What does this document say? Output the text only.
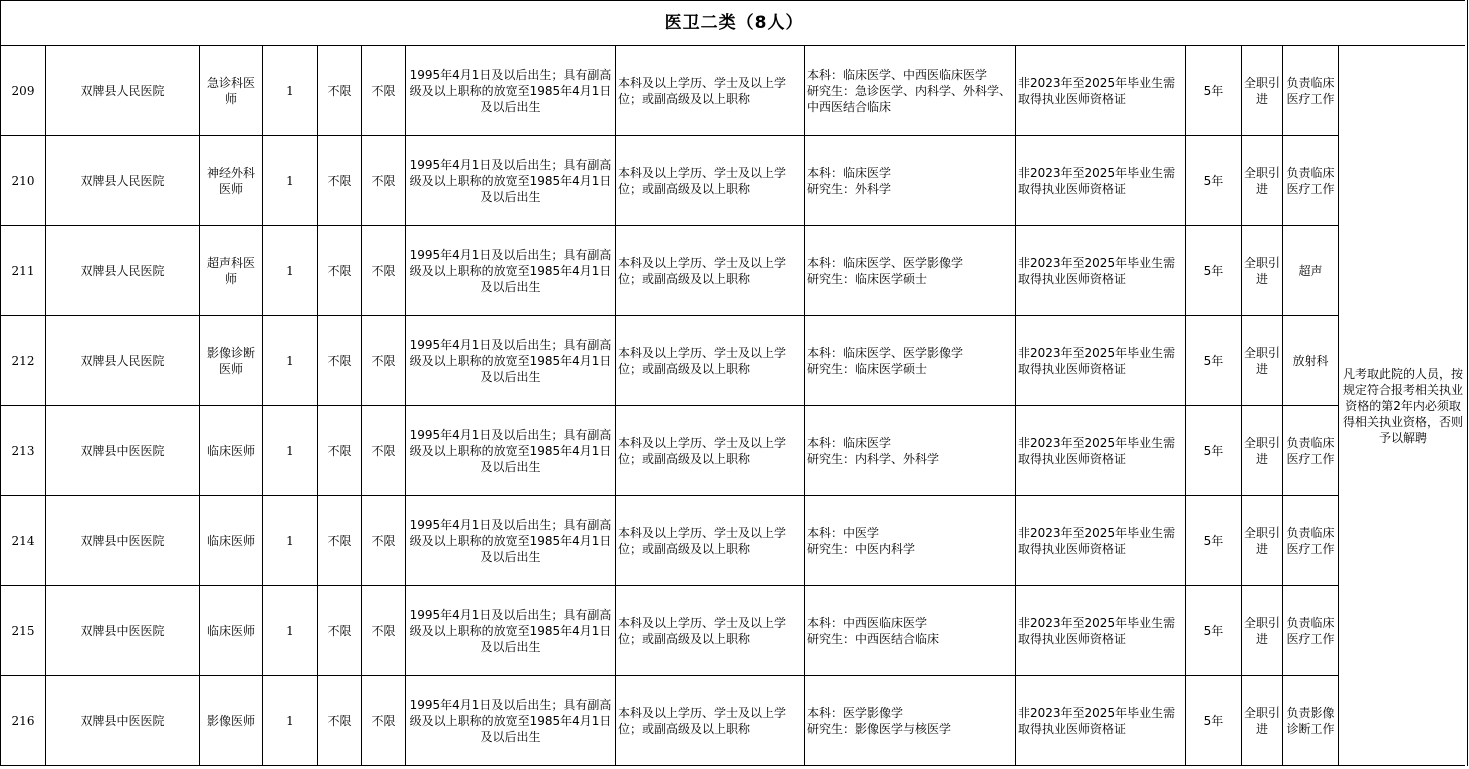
医卫二类（8人）													
209	双牌县人民医院	急诊科医师	1	不限	不限	1995年4月1日及以后出生；具有副高级及以上职称的放宽至1985年4月1日及以后出生	本科及以上学历、学士及以上学位；或副高级及以上职称	本科：临床医学、中西医临床医学
研究生：急诊医学、内科学、外科学、中西医结合临床	非2023年至2025年毕业生需取得执业医师资格证	5年	全职引进	负责临床医疗工作	凡考取此院的人员，按规定符合报考相关执业资格的第2年内必须取得相关执业资格，否则予以解聘
210	双牌县人民医院	神经外科医师	1	不限	不限	1995年4月1日及以后出生；具有副高级及以上职称的放宽至1985年4月1日及以后出生	本科及以上学历、学士及以上学位；或副高级及以上职称	本科：临床医学
研究生：外科学	非2023年至2025年毕业生需取得执业医师资格证	5年	全职引进	负责临床医疗工作	
211	双牌县人民医院	超声科医师	1	不限	不限	1995年4月1日及以后出生；具有副高级及以上职称的放宽至1985年4月1日及以后出生	本科及以上学历、学士及以上学位；或副高级及以上职称	本科：临床医学、医学影像学
研究生：临床医学硕士	非2023年至2025年毕业生需取得执业医师资格证	5年	全职引进	超声	
212	双牌县人民医院	影像诊断医师	1	不限	不限	1995年4月1日及以后出生；具有副高级及以上职称的放宽至1985年4月1日及以后出生	本科及以上学历、学士及以上学位；或副高级及以上职称	本科：临床医学、医学影像学
研究生：临床医学硕士	非2023年至2025年毕业生需取得执业医师资格证	5年	全职引进	放射科	
213	双牌县中医医院	临床医师	1	不限	不限	1995年4月1日及以后出生；具有副高级及以上职称的放宽至1985年4月1日及以后出生	本科及以上学历、学士及以上学位；或副高级及以上职称	本科：临床医学
研究生：内科学、外科学	非2023年至2025年毕业生需取得执业医师资格证	5年	全职引进	负责临床医疗工作	
214	双牌县中医医院	临床医师	1	不限	不限	1995年4月1日及以后出生；具有副高级及以上职称的放宽至1985年4月1日及以后出生	本科及以上学历、学士及以上学位；或副高级及以上职称	本科：中医学
研究生：中医内科学	非2023年至2025年毕业生需取得执业医师资格证	5年	全职引进	负责临床医疗工作	
215	双牌县中医医院	临床医师	1	不限	不限	1995年4月1日及以后出生；具有副高级及以上职称的放宽至1985年4月1日及以后出生	本科及以上学历、学士及以上学位；或副高级及以上职称	本科：中西医临床医学
研究生：中西医结合临床	非2023年至2025年毕业生需取得执业医师资格证	5年	全职引进	负责临床医疗工作	
216	双牌县中医医院	影像医师	1	不限	不限	1995年4月1日及以后出生；具有副高级及以上职称的放宽至1985年4月1日及以后出生	本科及以上学历、学士及以上学位；或副高级及以上职称	本科：医学影像学
研究生：影像医学与核医学	非2023年至2025年毕业生需取得执业医师资格证	5年	全职引进	负责影像诊断工作	
